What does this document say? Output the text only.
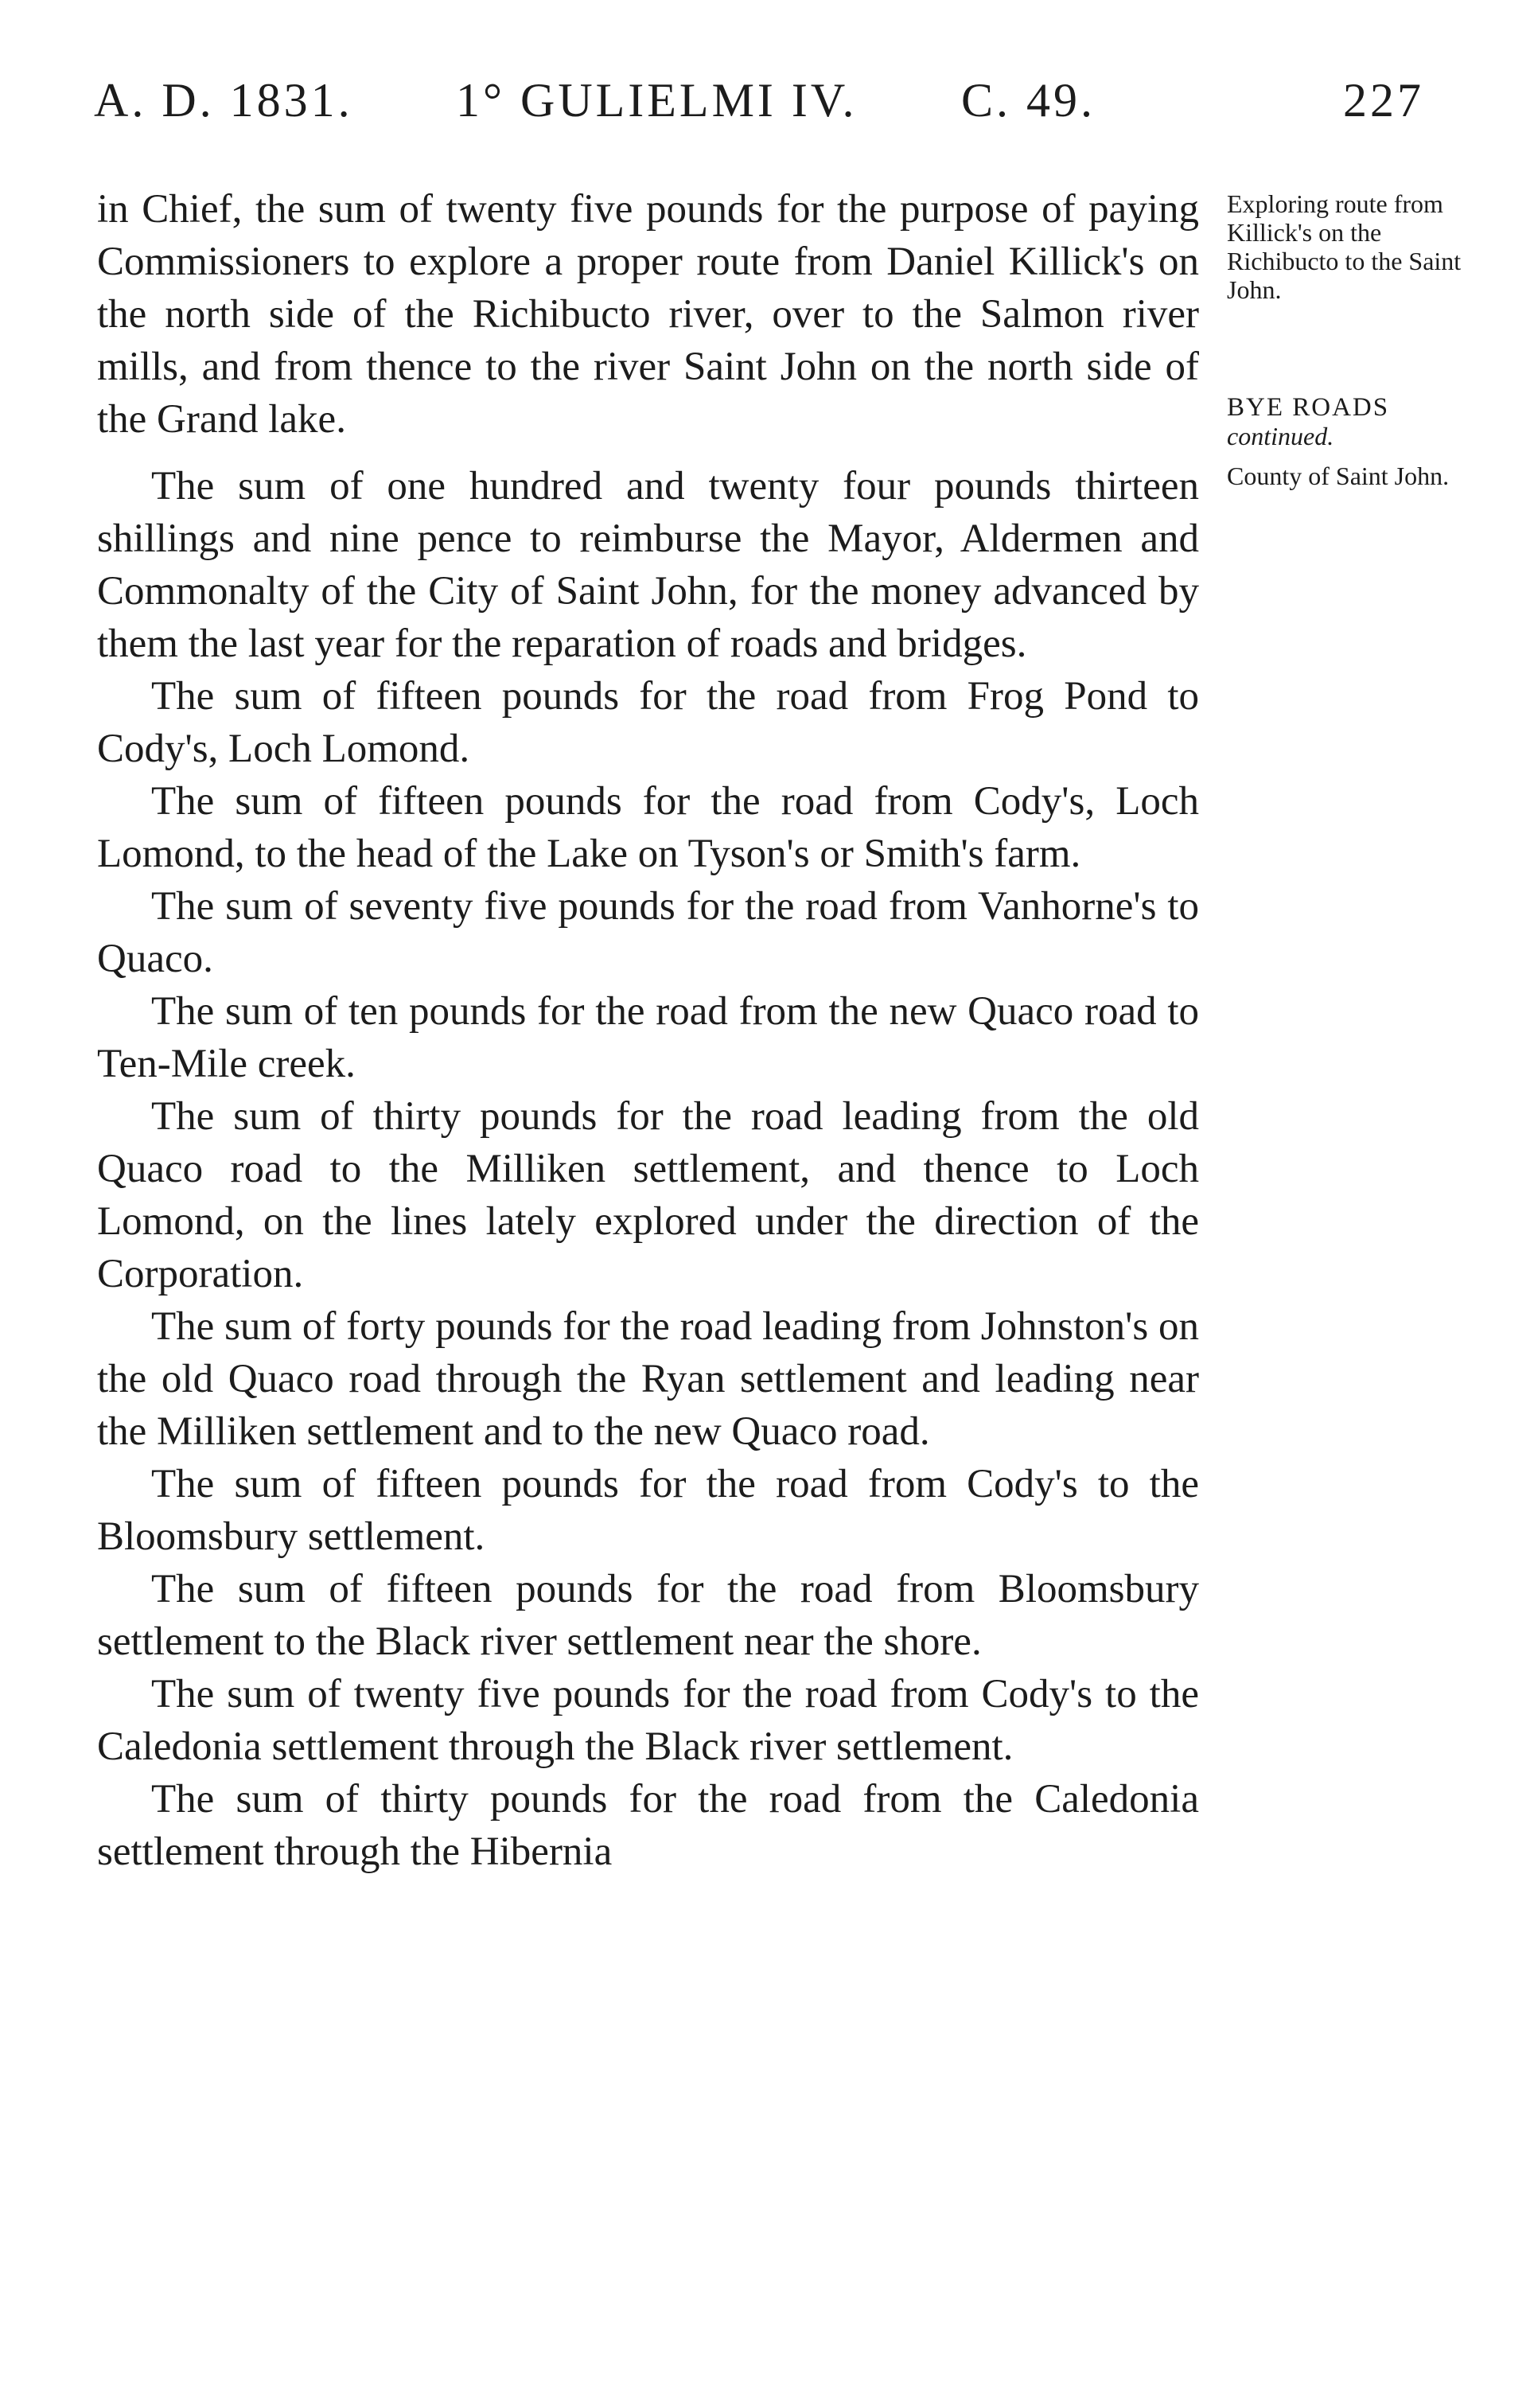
A. D. 1831. 1° GULIELMI IV. C. 49.	227

in Chief, the sum of twenty five pounds for the purpose of paying Commissioners to explore a proper route from Daniel Killick's on the north side of the Richibucto river, over to the Salmon river mills, and from thence to the river Saint John on the north side of the Grand lake.

The sum of one hundred and twenty four pounds thirteen shillings and nine pence to reimburse the Mayor, Aldermen and Commonalty of the City of Saint John, for the money advanced by them the last year for the reparation of roads and bridges.

The sum of fifteen pounds for the road from Frog Pond to Cody's, Loch Lomond.

The sum of fifteen pounds for the road from Cody's, Loch Lomond, to the head of the Lake on Tyson's or Smith's farm.

The sum of seventy five pounds for the road from Vanhorne's to Quaco.

The sum of ten pounds for the road from the new Quaco road to Ten-Mile creek.

The sum of thirty pounds for the road leading from the old Quaco road to the Milliken settlement, and thence to Loch Lomond, on the lines lately explored under the direction of the Corporation.

The sum of forty pounds for the road leading from Johnston's on the old Quaco road through the Ryan settlement and leading near the Milliken settlement and to the new Quaco road.

The sum of fifteen pounds for the road from Cody's to the Bloomsbury settlement.

The sum of fifteen pounds for the road from Bloomsbury settlement to the Black river settlement near the shore.

The sum of twenty five pounds for the road from Cody's to the Caledonia settlement through the Black river settlement.

The sum of thirty pounds for the road from the Caledonia settlement through the Hibernia

Exploring route from Killick's on the Richibucto to the Saint John.

BYE ROADS

continued.

County of Saint John.
